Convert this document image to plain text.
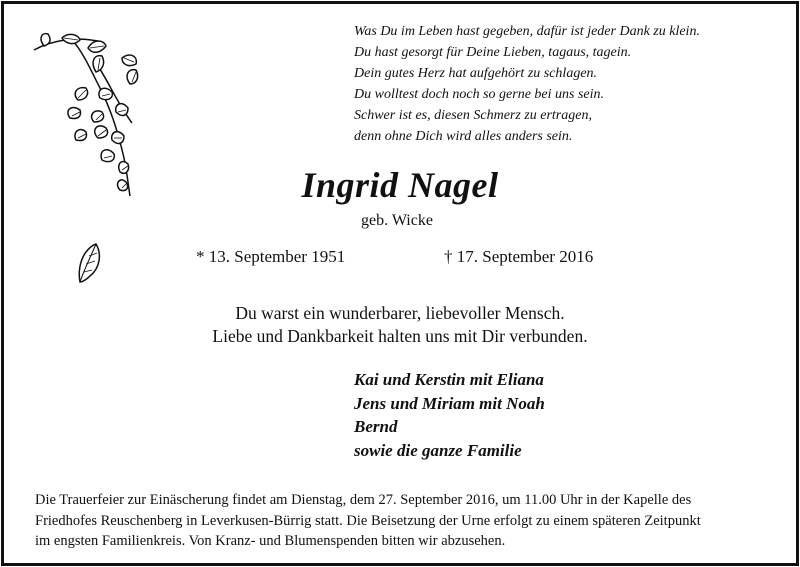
Was Du im Leben hast gegeben, dafür ist jeder Dank zu klein.
Du hast gesorgt für Deine Lieben, tagaus, tagein.
Dein gutes Herz hat aufgehört zu schlagen.
Du wolltest doch noch so gerne bei uns sein.
Schwer ist es, diesen Schmerz zu ertragen,
denn ohne Dich wird alles anders sein.
Ingrid Nagel
geb. Wicke
* 13. September 1951	† 17. September 2016
Du warst ein wunderbarer, liebevoller Mensch.
Liebe und Dankbarkeit halten uns mit Dir verbunden.
Kai und Kerstin mit Eliana
Jens und Miriam mit Noah
Bernd
sowie die ganze Familie
Die Trauerfeier zur Einäscherung findet am Dienstag, dem 27. September 2016, um 11.00 Uhr in der Kapelle des
Friedhofes Reuschenberg in Leverkusen-Bürrig statt. Die Beisetzung der Urne erfolgt zu einem späteren Zeitpunkt
im engsten Familienkreis. Von Kranz- und Blumenspenden bitten wir abzusehen.
